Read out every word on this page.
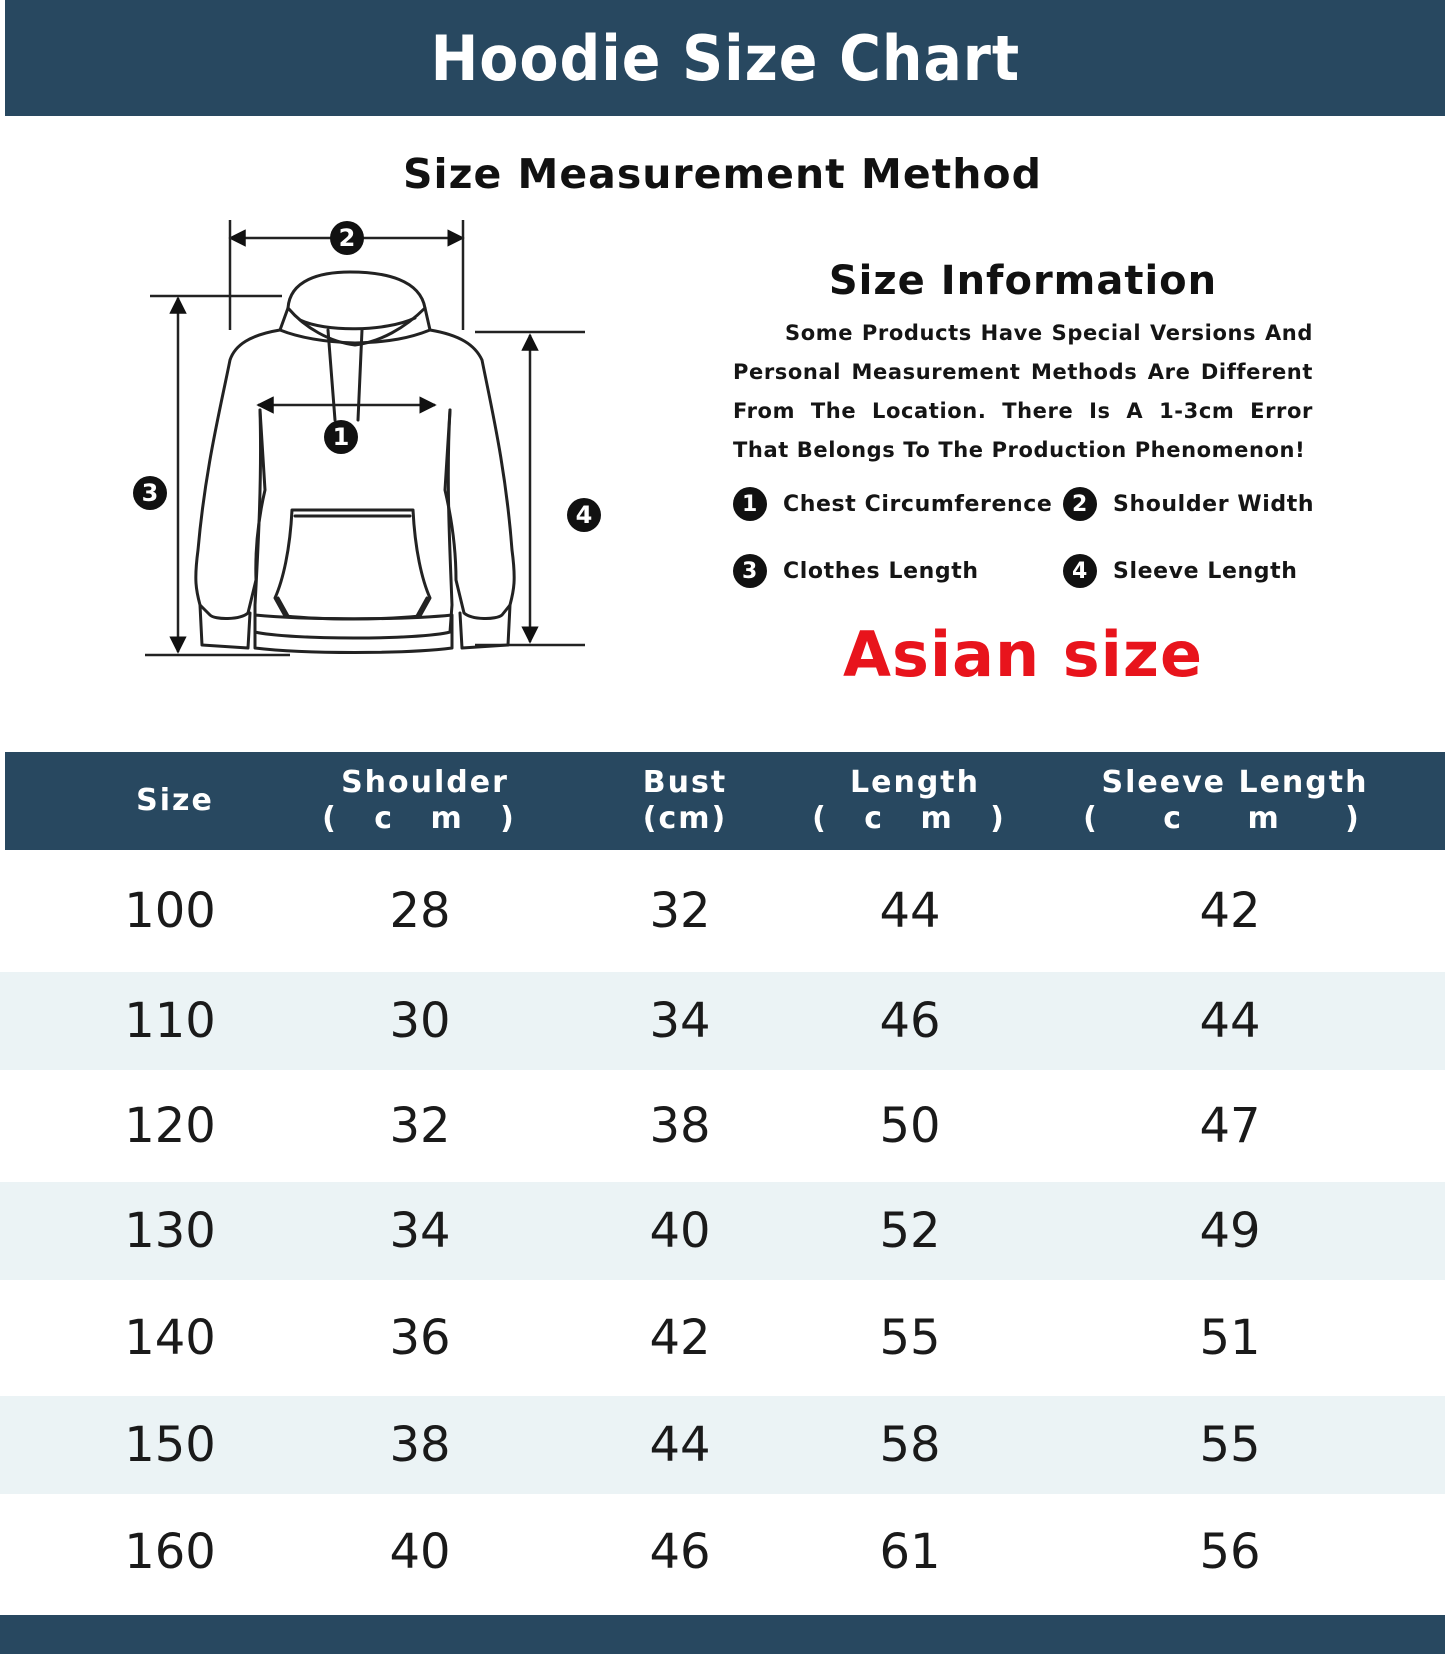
Hoodie Size Chart
Size Measurement Method
1
2
3
4
Size Information
Some Products Have Special Versions And Personal Measurement Methods Are Different From The Location. There Is A 1-3cm Error That Belongs To The Production Phenomenon!
1	Chest Circumference 2	Shoulder Width
3	Clothes Length	4	Sleeve Length
Asian size
Size
Shoulder
( c m )
Bust
(cm)
Length
( c m )
Sleeve Length
( c m )
100	28	32	44	42
110	30	34	46	44
120	32	38	50	47
130	34	40	52	49
140	36	42	55	51
150	38	44	58	55
160	40	46	61	56
